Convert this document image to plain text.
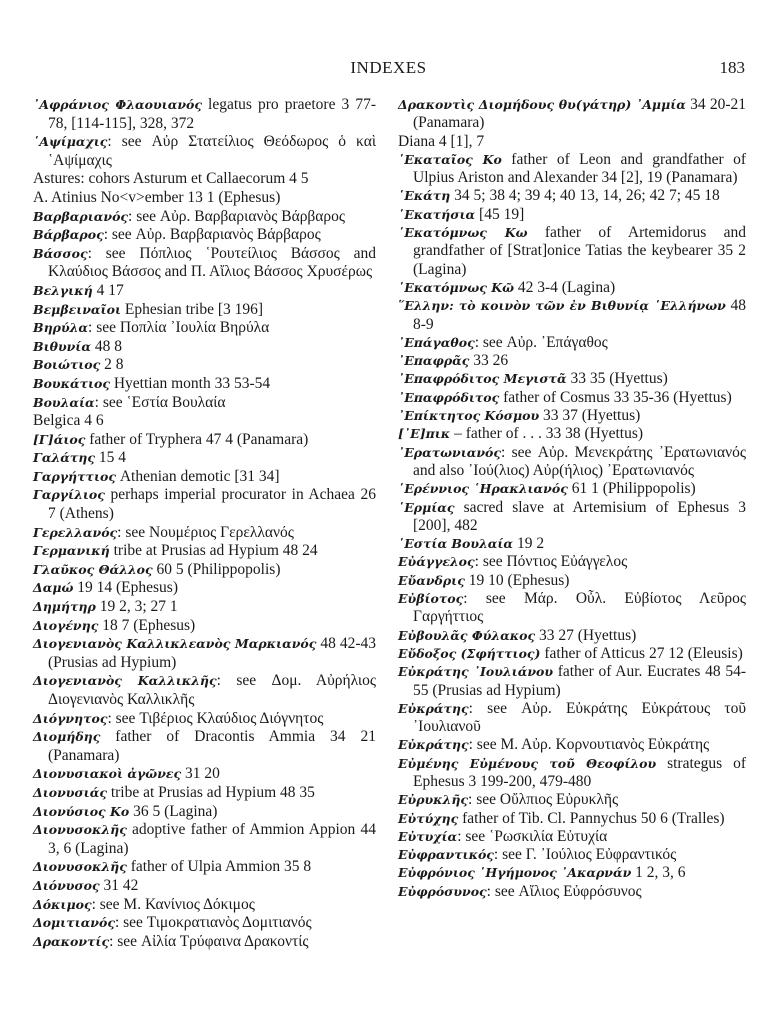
INDEXES	183
᾿Αφράνιος Φλαουιανός legatus pro praetore 3 77-78, [114-115], 328, 372
῾Αψίμαχις: see Αὐρ Στατείλιος Θεόδωρος ὁ καὶ ῾Αψίμαχις
Astures: cohors Asturum et Callaecorum 4 5
A. Atinius No<v>ember 13 1 (Ephesus)
Βαρβαριανός: see Αὐρ. Βαρβαριανὸς Βάρβαρος
Βάρβαρος: see Αὐρ. Βαρβαριανὸς Βάρβαρος
Βάσσος: see Πόπλιος ῾Ρουτείλιος Βάσσος and Κλαύδιος Βάσσος and Π. Αἴλιος Βάσσος Χρυσέρως
Βελγική 4 17
Βεμβειναῖοι Ephesian tribe [3 196]
Βηρύλα: see Ποπλία ᾿Ιουλία Βηρύλα
Βιθυνία 48 8
Βοιώτιος 2 8
Βουκάτιος Hyettian month 33 53-54
Βουλαία: see ῾Εστία Βουλαία
Belgica 4 6
[Γ]άιος father of Tryphera 47 4 (Panamara)
Γαλάτης 15 4
Γαργήττιος Athenian demotic [31 34]
Γαργίλιος perhaps imperial procurator in Achaea 26 7 (Athens)
Γερελλανός: see Νουμέριος Γερελλανός
Γερμανική tribe at Prusias ad Hypium 48 24
Γλαῦκος Θάλλος 60 5 (Philippopolis)
Δαμώ 19 14 (Ephesus)
Δημήτηρ 19 2, 3; 27 1
Διογένης 18 7 (Ephesus)
Διογενιανὸς Καλλικλεανὸς Μαρκιανός 48 42-43 (Prusias ad Hypium)
Διογενιανὸς Καλλικλῆς: see Δομ. Αὐρήλιος Διογενιανὸς Καλλικλῆς
Διόγνητος: see Τιβέριος Κλαύδιος Διόγνητος
Διομήδης father of Dracontis Ammia 34 21 (Panamara)
Διονυσιακοὶ ἀγῶνες 31 20
Διονυσιάς tribe at Prusias ad Hypium 48 35
Διονύσιος Κο 36 5 (Lagina)
Διονυσοκλῆς adoptive father of Ammion Appion 44 3, 6 (Lagina)
Διονυσοκλῆς father of Ulpia Ammion 35 8
Διόνυσος 31 42
Δόκιμος: see Μ. Κανίνιος Δόκιμος
Δομιτιανός: see Τιμοκρατιανὸς Δομιτιανός
Δρακοντίς: see Αἰλία Τρύφαινα Δρακοντίς
Δρακοντὶς Διομήδους θυ(γάτηρ) ᾿Αμμία 34 20-21 (Panamara)
Diana 4 [1], 7
῾Εκαταῖος Κο father of Leon and grandfather of Ulpius Ariston and Alexander 34 [2], 19 (Panamara)
῾Εκάτη 34 5; 38 4; 39 4; 40 13, 14, 26; 42 7; 45 18
῾Εκατήσια [45 19]
῾Εκατόμνως Κω father of Artemidorus and grandfather of [Strat]onice Tatias the keybearer 35 2 (Lagina)
῾Εκατόμνως Κῶ 42 3-4 (Lagina)
῞Ελλην: τὸ κοινὸν τῶν ἐν Βιθυνίᾳ ῾Ελλήνων 48 8-9
᾿Επάγαθος: see Αὐρ. ᾿Επάγαθος
᾿Επαφρᾶς 33 26
᾿Επαφρόδιτος Μεγιστᾶ 33 35 (Hyettus)
᾿Επαφρόδιτος father of Cosmus 33 35-36 (Hyettus)
᾿Επίκτητος Κόσμου 33 37 (Hyettus)
[᾿Ε]πικ – father of . . . 33 38 (Hyettus)
᾿Ερατωνιανός: see Αὐρ. Μενεκράτης ᾿Ερατωνιανός and also ᾿Ιού(λιος) Αὐρ(ήλιος) ᾿Ερατωνιανός
῾Ερέννιος ῾Ηρακλιανός 61 1 (Philippopolis)
῾Ερμίας sacred slave at Artemisium of Ephesus 3 [200], 482
῾Εστία Βουλαία 19 2
Εὐάγγελος: see Πόντιος Εὐάγγελος
Εὔανδρις 19 10 (Ephesus)
Εὐβίοτος: see Μάρ. Οὖλ. Εὐβίοτος Λεῦρος Γαργήττιος
Εὐβουλᾶς Φύλακος 33 27 (Hyettus)
Εὔδοξος (Σφήττιος) father of Atticus 27 12 (Eleusis)
Εὐκράτης ᾿Ιουλιάνου father of Aur. Eucrates 48 54-55 (Prusias ad Hypium)
Εὐκράτης: see Αὐρ. Εὐκράτης Εὐκράτους τοῦ ᾿Ιουλιανοῦ
Εὐκράτης: see Μ. Αὐρ. Κορνουτιανὸς Εὐκράτης
Εὐμένης Εὐμένους τοῦ Θεοφίλου strategus of Ephesus 3 199-200, 479-480
Εὐρυκλῆς: see Οὔλπιος Εὐρυκλῆς
Εὐτύχης father of Tib. Cl. Pannychus 50 6 (Tralles)
Εὐτυχία: see ῾Ρωσκιλία Εὐτυχία
Εὐφραντικός: see Γ. ᾿Ιούλιος Εὐφραντικός
Εὐφρόνιος ῾Ηγήμονος ᾿Ακαρνάν 1 2, 3, 6
Εὐφρόσυνος: see Αἴλιος Εὐφρόσυνος
